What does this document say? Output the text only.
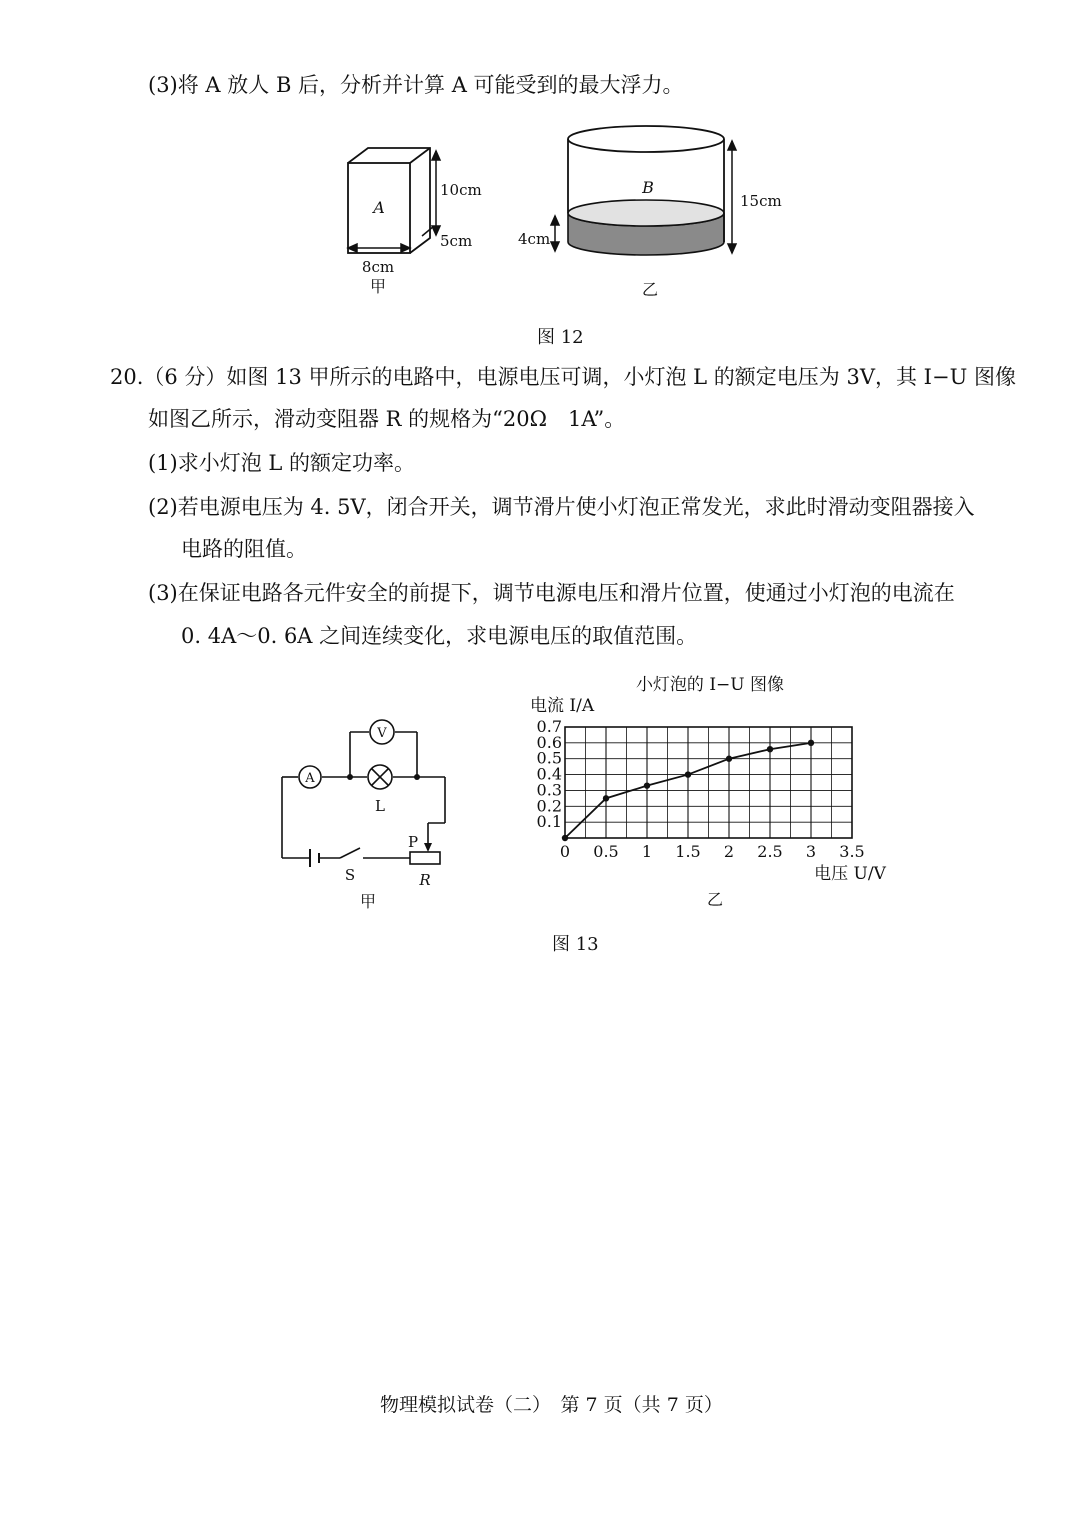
(3)将 A 放人 B 后，分析并计算 A 可能受到的最大浮力。
A
10cm
5cm
8cm
甲
B
15cm
4cm
乙
图 12
20.（6 分）如图 13 甲所示的电路中，电源电压可调，小灯泡 L 的额定电压为 3V，其 I−U 图像
如图乙所示，滑动变阻器 R 的规格为“20Ω　1A”。
(1)求小灯泡 L 的额定功率。
(2)若电源电压为 4. 5V，闭合开关，调节滑片使小灯泡正常发光，求此时滑动变阻器接入
电路的阻值。
(3)在保证电路各元件安全的前提下，调节电源电压和滑片位置，使通过小灯泡的电流在
0. 4A～0. 6A 之间连续变化，求电源电压的取值范围。
A
V
L
P
S	R
甲
小灯泡的 I−U 图像
电流 I/A
电压 U/V
0 0.5 1 1.5 2 2.5 3 3.5
0.1
0.2
0.3
0.4
0.5
0.6
0.7
乙
图 13
物理模拟试卷（二）　第 7 页（共 7 页）
